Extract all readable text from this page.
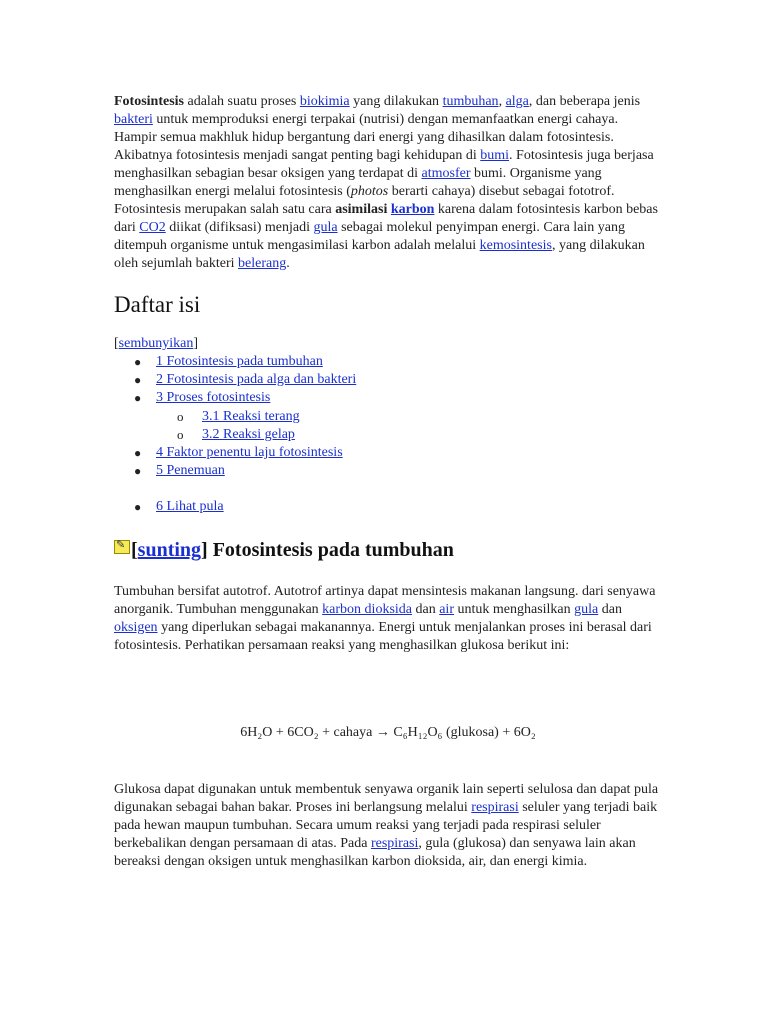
Fotosintesis adalah suatu proses biokimia yang dilakukan tumbuhan, alga, dan beberapa jenis bakteri untuk memproduksi energi terpakai (nutrisi) dengan memanfaatkan energi cahaya. Hampir semua makhluk hidup bergantung dari energi yang dihasilkan dalam fotosintesis. Akibatnya fotosintesis menjadi sangat penting bagi kehidupan di bumi. Fotosintesis juga berjasa menghasilkan sebagian besar oksigen yang terdapat di atmosfer bumi. Organisme yang menghasilkan energi melalui fotosintesis (photos berarti cahaya) disebut sebagai fototrof. Fotosintesis merupakan salah satu cara asimilasi karbon karena dalam fotosintesis karbon bebas dari CO2 diikat (difiksasi) menjadi gula sebagai molekul penyimpan energi. Cara lain yang ditempuh organisme untuk mengasimilasi karbon adalah melalui kemosintesis, yang dilakukan oleh sejumlah bakteri belerang.

Daftar isi
[sembunyikan]
● 1 Fotosintesis pada tumbuhan
● 2 Fotosintesis pada alga dan bakteri
● 3 Proses fotosintesis
o 3.1 Reaksi terang
o 3.2 Reaksi gelap
● 4 Faktor penentu laju fotosintesis
● 5 Penemuan
● 6 Lihat pula
✎ [sunting] Fotosintesis pada tumbuhan

Tumbuhan bersifat autotrof. Autotrof artinya dapat mensintesis makanan langsung. dari senyawa anorganik. Tumbuhan menggunakan karbon dioksida dan air untuk menghasilkan gula dan oksigen yang diperlukan sebagai makanannya. Energi untuk menjalankan proses ini berasal dari fotosintesis. Perhatikan persamaan reaksi yang menghasilkan glukosa berikut ini:

6H₂O + 6CO₂ + cahaya → C₆H₁₂O₆ (glukosa) + 6O₂

Glukosa dapat digunakan untuk membentuk senyawa organik lain seperti selulosa dan dapat pula digunakan sebagai bahan bakar. Proses ini berlangsung melalui respirasi seluler yang terjadi baik pada hewan maupun tumbuhan. Secara umum reaksi yang terjadi pada respirasi seluler berkebalikan dengan persamaan di atas. Pada respirasi, gula (glukosa) dan senyawa lain akan bereaksi dengan oksigen untuk menghasilkan karbon dioksida, air, dan energi kimia.
